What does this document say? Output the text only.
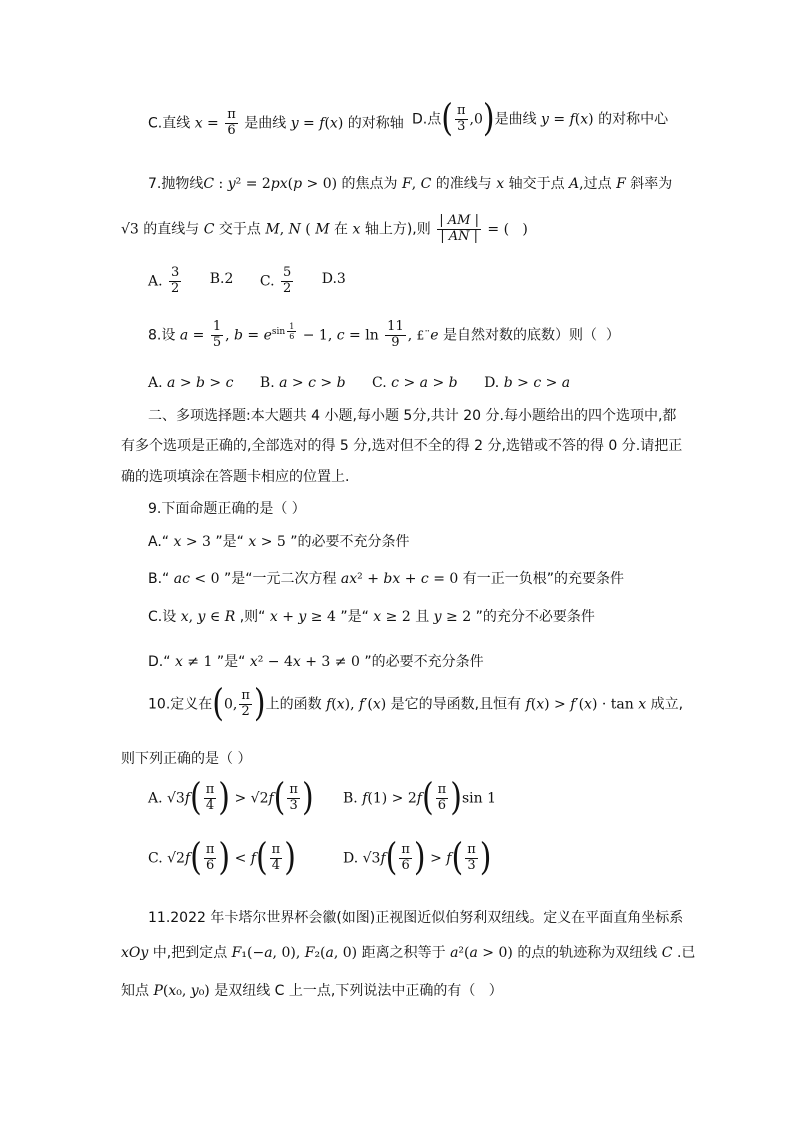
C.直线 $x = \frac{\pi}{6}$ 是曲线 y = f(x) 的对称轴 D.点( $\frac{\pi}{3} ,0$)是曲线 y = f(x) 的对称中心
7.抛物线C : y² = 2px(p > 0) 的焦点为 F, C 的准线与 x 轴交于点 A,过点 F 斜率为
√3 的直线与 C 交于点 M, N ( M 在 x 轴上方),则 $\frac{| AM |}{| AN |}$ = (   )
A. $\frac{3}{2} B.2$ C. $\frac{5}{2} D.3$
8.设 $a = \frac{1}{5}$ , $b = e^{sin \frac{1}{6}} - 1$, $c = \ln \frac{11}{9}$ , £¨e 是自然对数的底数）则（  ）
A. a > b > c B. a > c > b C. c > a > b D. b > c > a
二、多项选择题:本大题共 4 小题,每小题 5分,共计 20 分.每小题给出的四个选项中,都
有多个选项是正确的,全部选对的得 5 分,选对但不全的得 2 分,选错或不答的得 0 分.请把正
确的选项填涂在答题卡相应的位置上.
9.下面命题正确的是（ ）
A.“ x > 3 ”是“ x > 5 ”的必要不充分条件
B.“ ac < 0 ”是“一元二次方程 ax² + bx + c = 0 有一正一负根”的充要条件
C.设 x, y ∈ R ,则“ x + y ≥ 4 ”是“ x ≥ 2 且 y ≥ 2 ”的充分不必要条件
D.“ x ≠ 1 ”是“ x² − 4x + 3 ≠ 0 ”的必要不充分条件
10.定义在(0, $\frac{\pi}{2}$ )上的函数 f(x), f′(x) 是它的导函数,且恒有 f(x) > f′(x) · tan x 成立,
则下列正确的是（ ）
A. $√3f( \frac{\pi}{4}$ ) > $√2f( \frac{\pi}{3}$ ) B. $f(1) > 2f( \frac{\pi}{6} )\sin$ 1
C. $√2f( \frac{\pi}{6}$ ) < $f( \frac{\pi}{4}$ )	D. $√3f( \frac{\pi}{6}$ ) > $f( \frac{\pi}{3}$ )
11.2022 年卡塔尔世界杯会徽(如图)正视图近似伯努利双纽线。定义在平面直角坐标系
xOy 中,把到定点 F₁(−a, 0), F₂(a, 0) 距离之积等于 a²(a > 0) 的点的轨迹称为双纽线 C .已
知点 P(x₀, y₀) 是双纽线 C 上一点,下列说法中正确的有（   ）
